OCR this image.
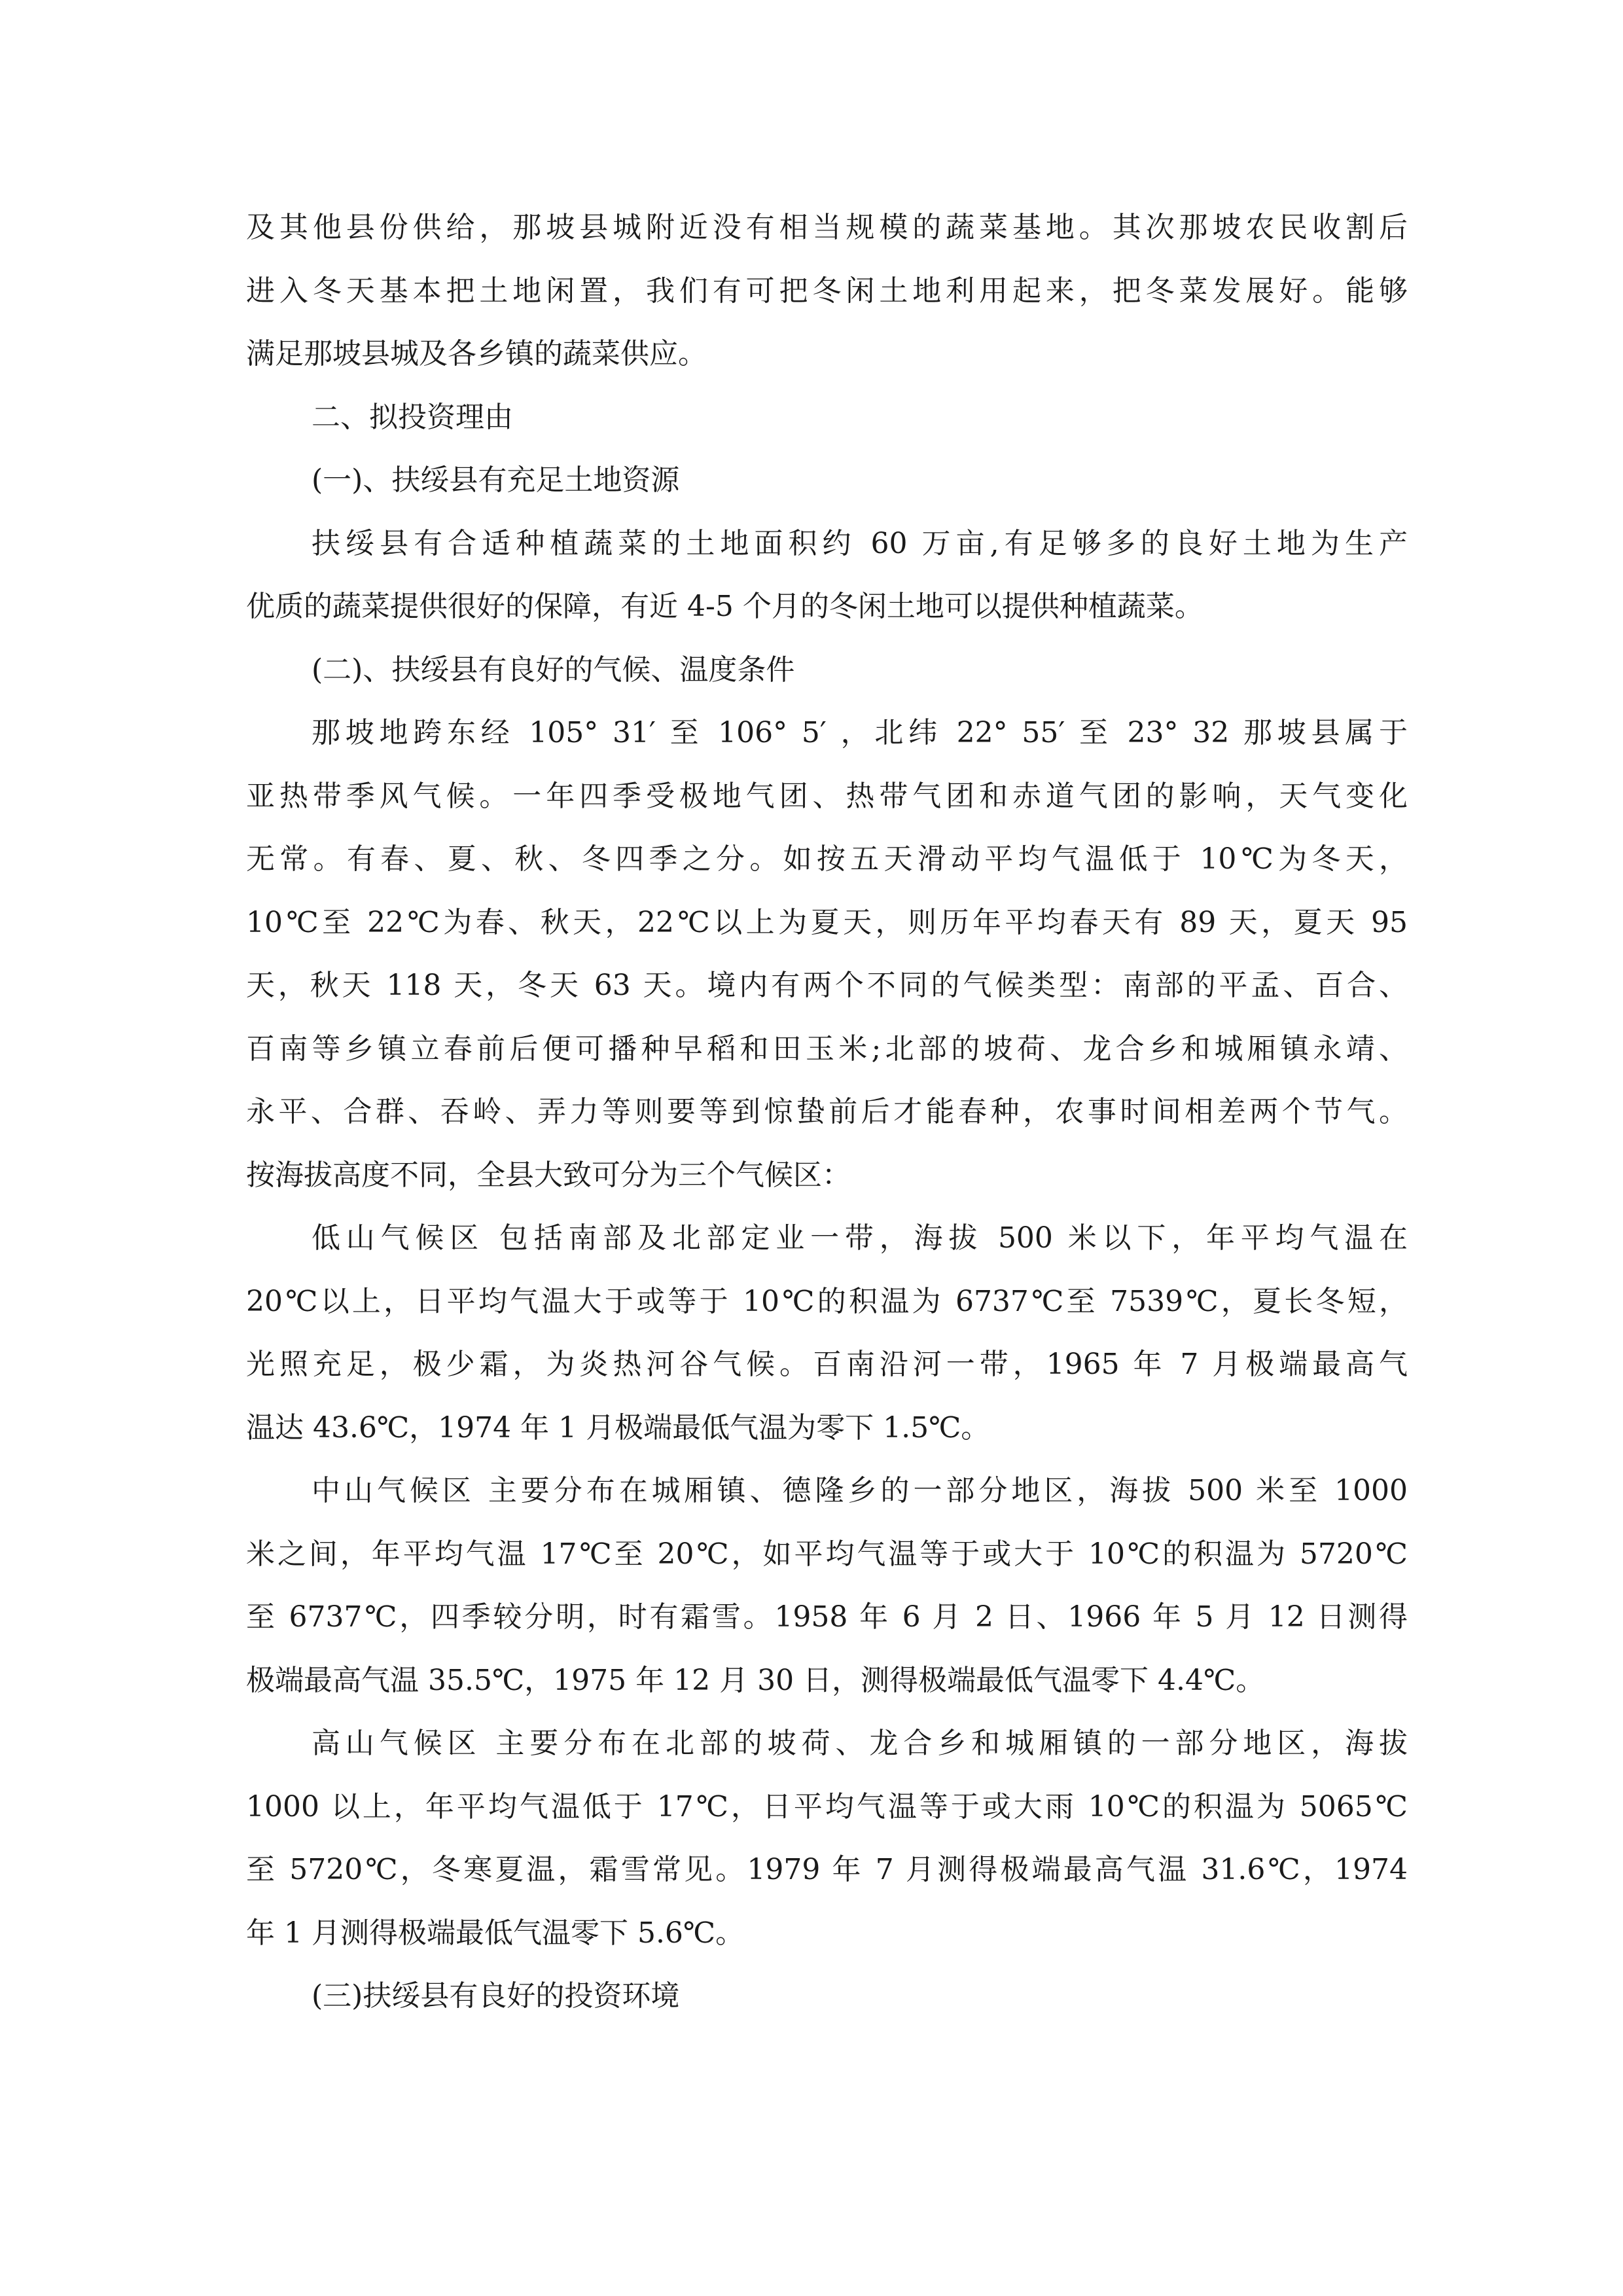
及其他县份供给，那坡县城附近没有相当规模的蔬菜基地。其次那坡农民收割后
进入冬天基本把土地闲置，我们有可把冬闲土地利用起来，把冬菜发展好。能够
满足那坡县城及各乡镇的蔬菜供应。
二、拟投资理由
(一)、扶绥县有充足土地资源
扶绥县有合适种植蔬菜的土地面积约 60 万亩,有足够多的良好土地为生产
优质的蔬菜提供很好的保障，有近 4-5 个月的冬闲土地可以提供种植蔬菜。
(二)、扶绥县有良好的气候、温度条件
那坡地跨东经 105° 31′ 至 106° 5′ ，北纬 22° 55′ 至 23° 32 那坡县属于
亚热带季风气候。一年四季受极地气团、热带气团和赤道气团的影响，天气变化
无常。有春、夏、秋、冬四季之分。如按五天滑动平均气温低于 10℃为冬天，
10℃至 22℃为春、秋天，22℃以上为夏天，则历年平均春天有 89 天，夏天 95
天，秋天 118 天，冬天 63 天。境内有两个不同的气候类型：南部的平孟、百合、
百南等乡镇立春前后便可播种早稻和田玉米;北部的坡荷、龙合乡和城厢镇永靖、
永平、合群、吞岭、弄力等则要等到惊蛰前后才能春种，农事时间相差两个节气。
按海拔高度不同，全县大致可分为三个气候区：
低山气候区 包括南部及北部定业一带，海拔 500 米以下，年平均气温在
20℃以上，日平均气温大于或等于 10℃的积温为 6737℃至 7539℃，夏长冬短，
光照充足，极少霜，为炎热河谷气候。百南沿河一带，1965 年 7 月极端最高气
温达 43.6℃，1974 年 1 月极端最低气温为零下 1.5℃。
中山气候区 主要分布在城厢镇、德隆乡的一部分地区，海拔 500 米至 1000
米之间，年平均气温 17℃至 20℃，如平均气温等于或大于 10℃的积温为 5720℃
至 6737℃，四季较分明，时有霜雪。1958 年 6 月 2 日、1966 年 5 月 12 日测得
极端最高气温 35.5℃，1975 年 12 月 30 日，测得极端最低气温零下 4.4℃。
高山气候区 主要分布在北部的坡荷、龙合乡和城厢镇的一部分地区，海拔
1000 以上，年平均气温低于 17℃，日平均气温等于或大雨 10℃的积温为 5065℃
至 5720℃，冬寒夏温，霜雪常见。1979 年 7 月测得极端最高气温 31.6℃，1974
年 1 月测得极端最低气温零下 5.6℃。
(三)扶绥县有良好的投资环境
